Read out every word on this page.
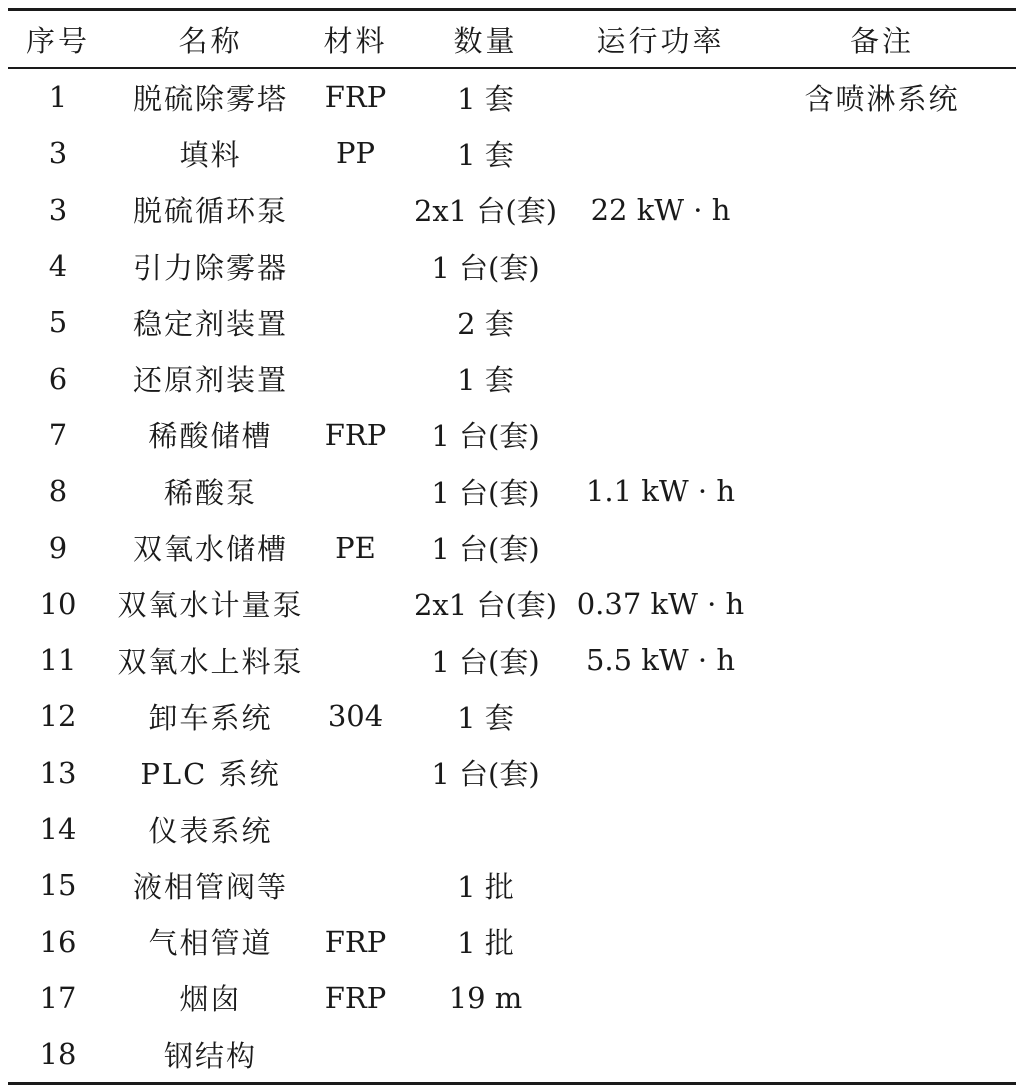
序号	名称	材料	数量	运行功率	备注
1	脱硫除雾塔	FRP	1 套		含喷淋系统
3	填料	PP	1 套		
3	脱硫循环泵		2x1 台(套)	22 kW · h	
4	引力除雾器		1 台(套)		
5	稳定剂装置		2 套		
6	还原剂装置		1 套		
7	稀酸储槽	FRP	1 台(套)		
8	稀酸泵		1 台(套)	1.1 kW · h	
9	双氧水储槽	PE	1 台(套)		
10	双氧水计量泵		2x1 台(套)	0.37 kW · h	
11	双氧水上料泵		1 台(套)	5.5 kW · h	
12	卸车系统	304	1 套		
13	PLC 系统		1 台(套)		
14	仪表系统				
15	液相管阀等		1 批		
16	气相管道	FRP	1 批		
17	烟囱	FRP	19 m		
18	钢结构				
